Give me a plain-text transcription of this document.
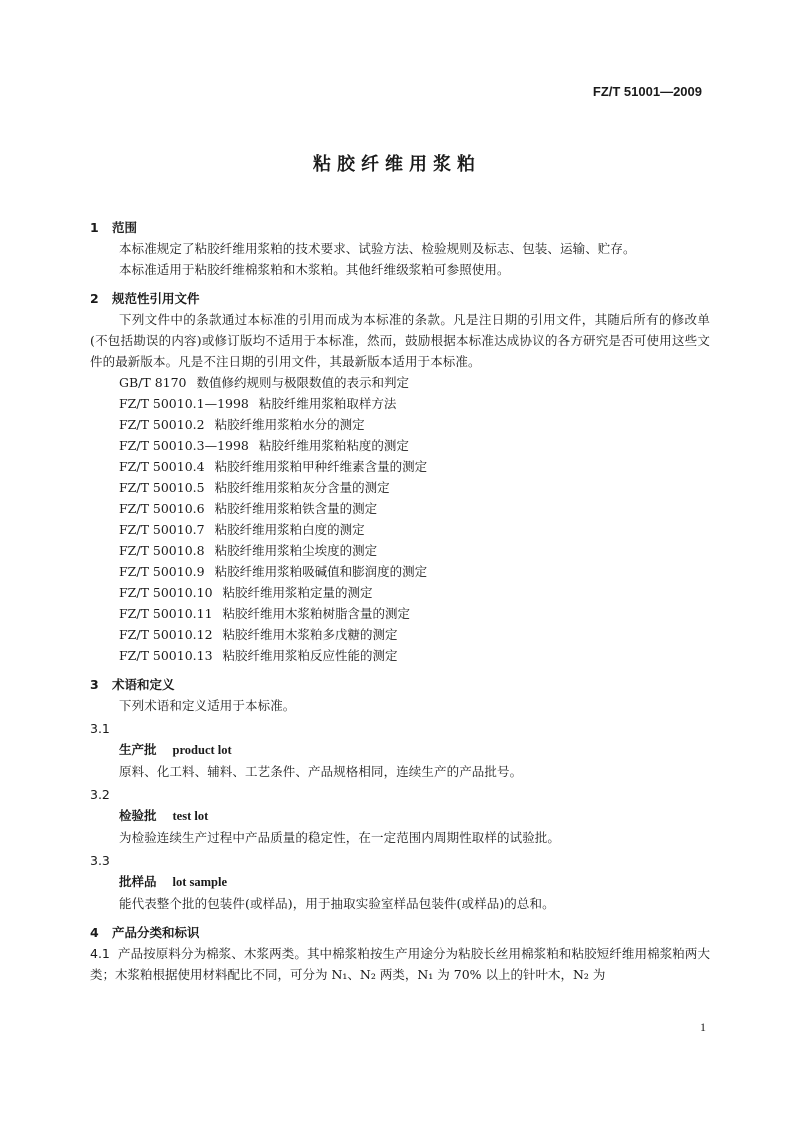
FZ/T 51001—2009
粘胶纤维用浆粕
1 范围
本标准规定了粘胶纤维用浆粕的技术要求、试验方法、检验规则及标志、包装、运输、贮存。
本标准适用于粘胶纤维棉浆粕和木浆粕。其他纤维级浆粕可参照使用。
2 规范性引用文件
下列文件中的条款通过本标准的引用而成为本标准的条款。凡是注日期的引用文件，其随后所有的修改单(不包括勘误的内容)或修订版均不适用于本标准，然而，鼓励根据本标准达成协议的各方研究是否可使用这些文件的最新版本。凡是不注日期的引用文件，其最新版本适用于本标准。
GB/T 8170 数值修约规则与极限数值的表示和判定
FZ/T 50010.1—1998 粘胶纤维用浆粕取样方法
FZ/T 50010.2 粘胶纤维用浆粕水分的测定
FZ/T 50010.3—1998 粘胶纤维用浆粕粘度的测定
FZ/T 50010.4 粘胶纤维用浆粕甲种纤维素含量的测定
FZ/T 50010.5 粘胶纤维用浆粕灰分含量的测定
FZ/T 50010.6 粘胶纤维用浆粕铁含量的测定
FZ/T 50010.7 粘胶纤维用浆粕白度的测定
FZ/T 50010.8 粘胶纤维用浆粕尘埃度的测定
FZ/T 50010.9 粘胶纤维用浆粕吸碱值和膨润度的测定
FZ/T 50010.10 粘胶纤维用浆粕定量的测定
FZ/T 50010.11 粘胶纤维用木浆粕树脂含量的测定
FZ/T 50010.12 粘胶纤维用木浆粕多戊糖的测定
FZ/T 50010.13 粘胶纤维用浆粕反应性能的测定
3 术语和定义
下列术语和定义适用于本标准。
3.1
生产批 product lot
原料、化工料、辅料、工艺条件、产品规格相同，连续生产的产品批号。
3.2
检验批 test lot
为检验连续生产过程中产品质量的稳定性，在一定范围内周期性取样的试验批。
3.3
批样品 lot sample
能代表整个批的包装件(或样品)，用于抽取实验室样品包装件(或样品)的总和。
4 产品分类和标识
4.1 产品按原料分为棉浆、木浆两类。其中棉浆粕按生产用途分为粘胶长丝用棉浆粕和粘胶短纤维用棉浆粕两大类；木浆粕根据使用材料配比不同，可分为 N₁、N₂ 两类，N₁ 为 70% 以上的针叶木，N₂ 为
1
